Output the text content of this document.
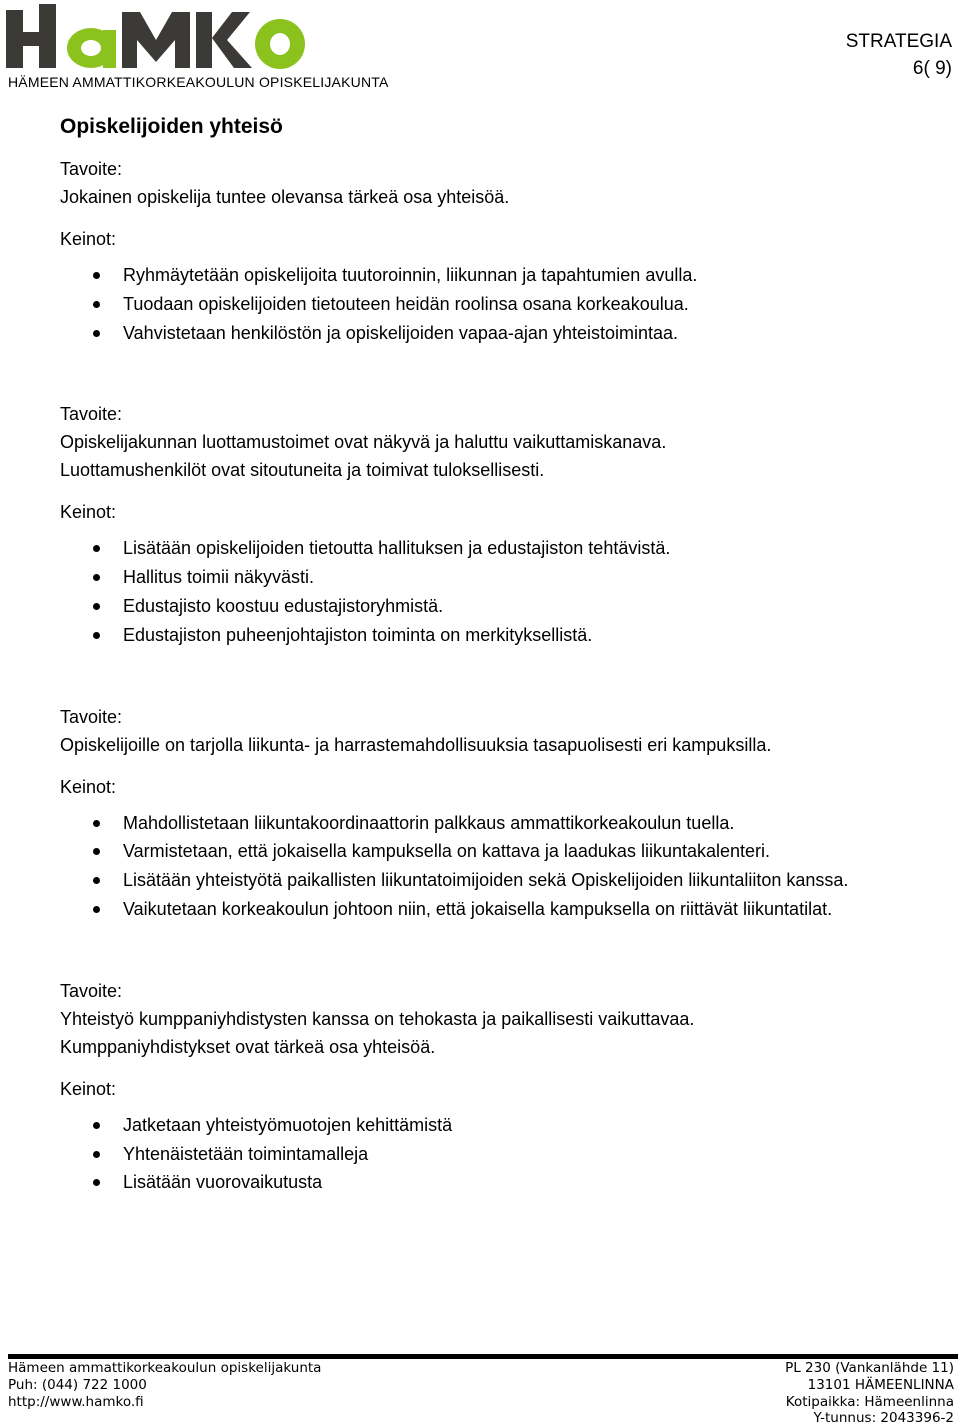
HÄMEEN AMMATTIKORKEAKOULUN OPISKELIJAKUNTA
STRATEGIA
6( 9)
Opiskelijoiden yhteisö
Tavoite:
Jokainen opiskelija tuntee olevansa tärkeä osa yhteisöä.
Keinot:
Ryhmäytetään opiskelijoita tuutoroinnin, liikunnan ja tapahtumien avulla.
Tuodaan opiskelijoiden tietouteen heidän roolinsa osana korkeakoulua.
Vahvistetaan henkilöstön ja opiskelijoiden vapaa-ajan yhteistoimintaa.
Tavoite:
Opiskelijakunnan luottamustoimet ovat näkyvä ja haluttu vaikuttamiskanava.
Luottamushenkilöt ovat sitoutuneita ja toimivat tuloksellisesti.
Keinot:
Lisätään opiskelijoiden tietoutta hallituksen ja edustajiston tehtävistä.
Hallitus toimii näkyvästi.
Edustajisto koostuu edustajistoryhmistä.
Edustajiston puheenjohtajiston toiminta on merkityksellistä.
Tavoite:
Opiskelijoille on tarjolla liikunta- ja harrastemahdollisuuksia tasapuolisesti eri kampuksilla.
Keinot:
Mahdollistetaan liikuntakoordinaattorin palkkaus ammattikorkeakoulun tuella.
Varmistetaan, että jokaisella kampuksella on kattava ja laadukas liikuntakalenteri.
Lisätään yhteistyötä paikallisten liikuntatoimijoiden sekä Opiskelijoiden liikuntaliiton kanssa.
Vaikutetaan korkeakoulun johtoon niin, että jokaisella kampuksella on riittävät liikuntatilat.
Tavoite:
Yhteistyö kumppaniyhdistysten kanssa on tehokasta ja paikallisesti vaikuttavaa.
Kumppaniyhdistykset ovat tärkeä osa yhteisöä.
Keinot:
Jatketaan yhteistyömuotojen kehittämistä
Yhtenäistetään toimintamalleja
Lisätään vuorovaikutusta
Hämeen ammattikorkeakoulun opiskelijakunta
Puh: (044) 722 1000
http://www.hamko.fi
PL 230 (Vankanlähde 11)
13101 HÄMEENLINNA
Kotipaikka: Hämeenlinna
Y-tunnus: 2043396-2
